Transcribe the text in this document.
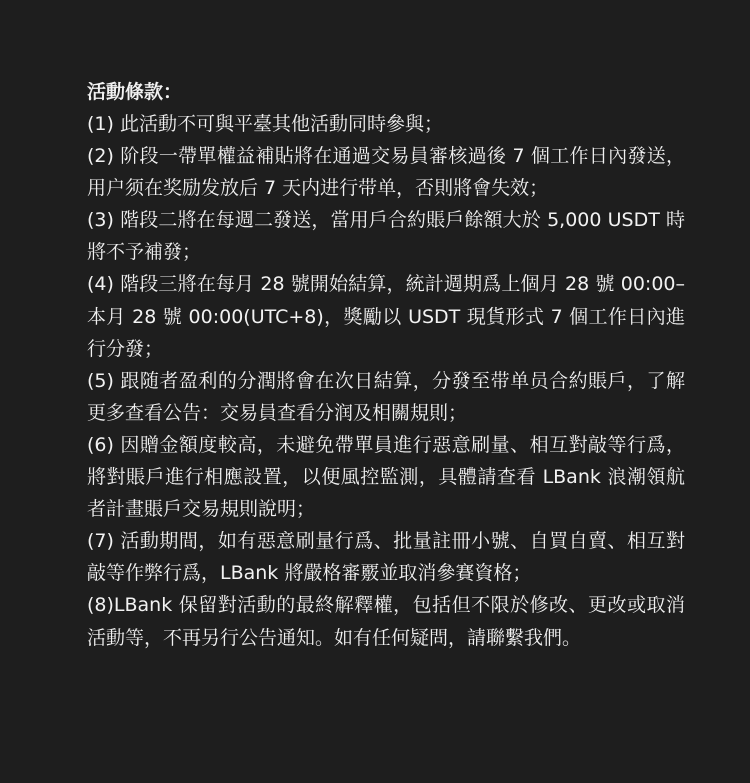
活動條款：

(1) 此活動不可與平臺其他活動同時參與；

(2) 阶段一帶單權益補貼將在通過交易員審核過後 7 個工作日內發送，用户须在奖励发放后 7 天内进行带单，否則將會失效；

(3) 階段二將在每週二發送，當用戶合約賬戶餘額大於 5,000 USDT 時將不予補發；

(4) 階段三將在每月 28 號開始結算，統計週期爲上個月 28 號 00:00– 本月 28 號 00:00(UTC+8)，獎勵以 USDT 現貨形式 7 個工作日內進行分發；

(5) 跟随者盈利的分潤將會在次日結算，分發至带单员合約賬戶，了解更多查看公告：交易員查看分润及相關規則；

(6) 因贈金額度較高，未避免帶單員進行惡意刷量、相互對敲等行爲，將對賬戶進行相應設置，以便風控監測，具體請查看 LBank 浪潮領航者計畫賬戶交易規則說明；

(7) 活動期間，如有惡意刷量行爲、批量註冊小號、自買自賣、相互對敲等作弊行爲，LBank 將嚴格審覈並取消參賽資格；

(8)LBank 保留對活動的最終解釋權，包括但不限於修改、更改或取消活動等，不再另行公告通知。如有任何疑問，請聯繫我們。
